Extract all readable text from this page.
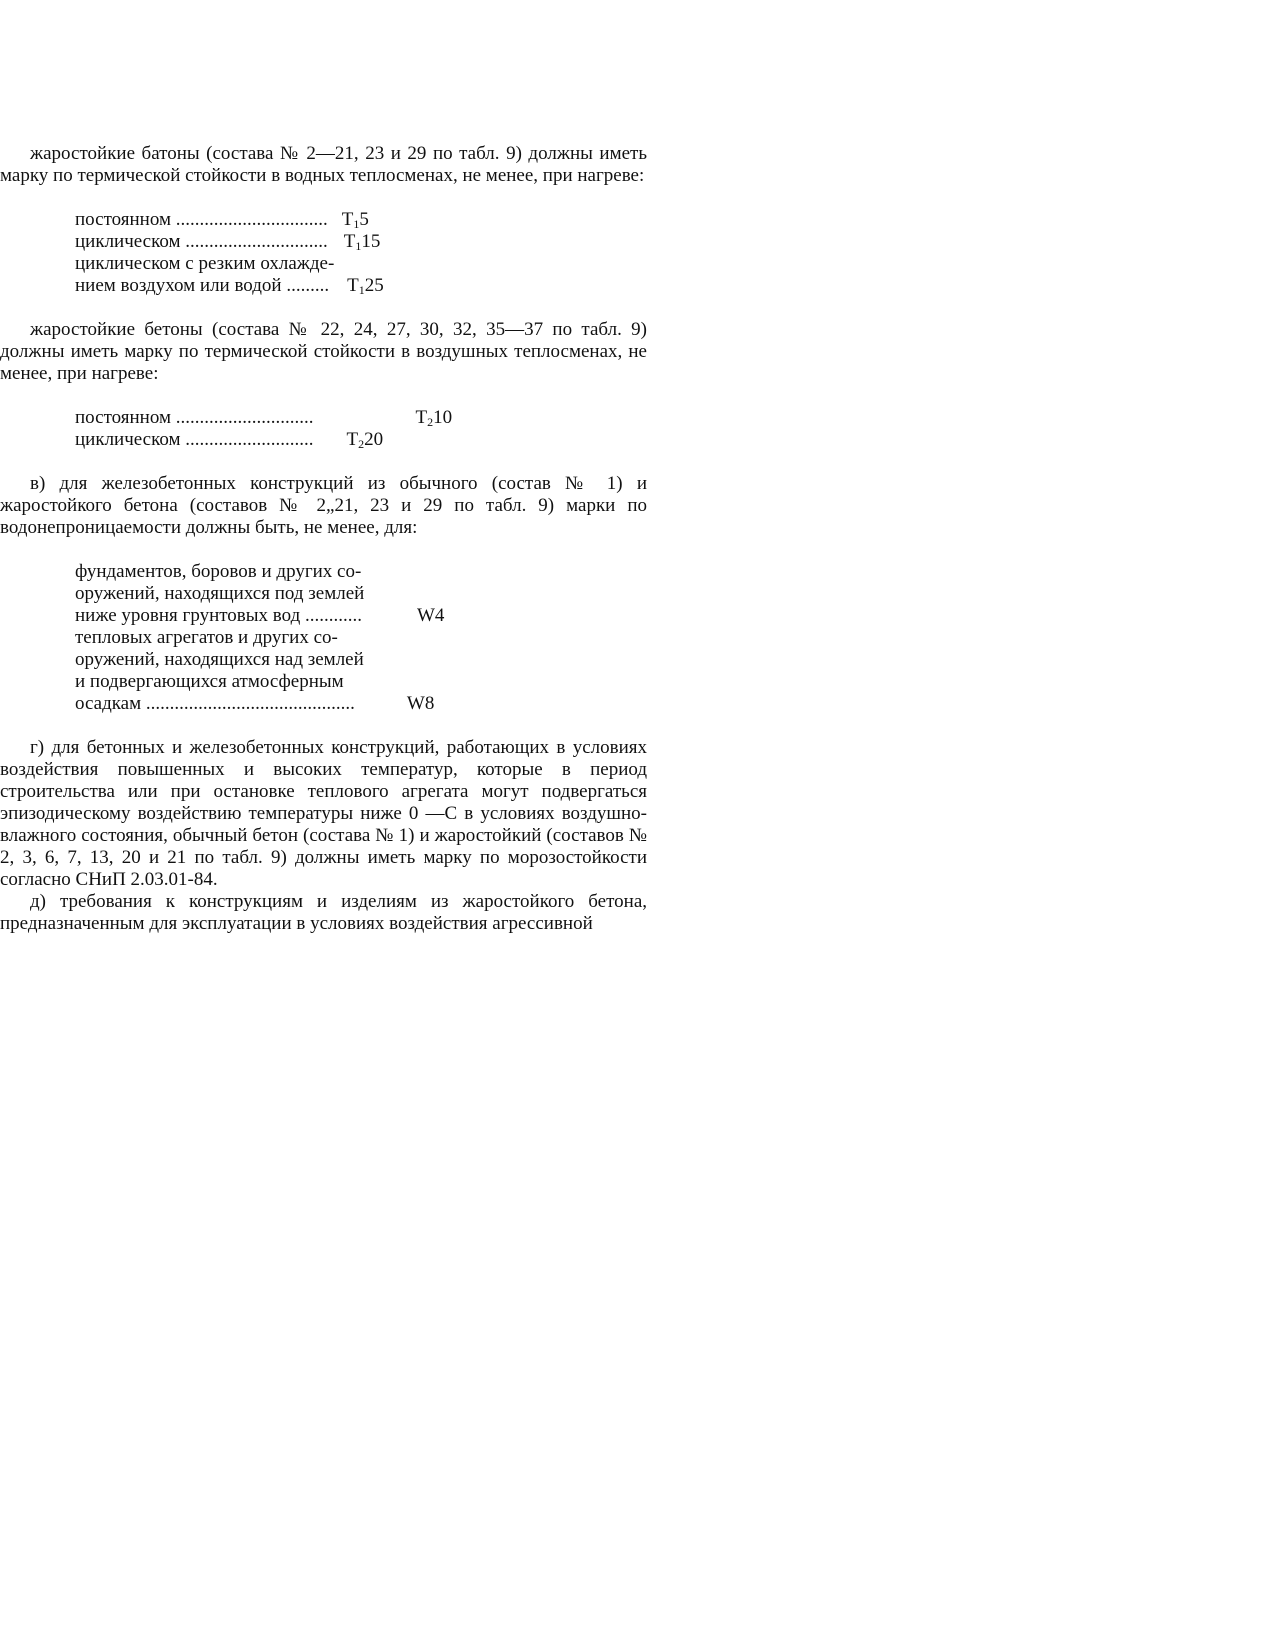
жаростойкие батоны (состава № 2—21, 23 и 29 по табл. 9) должны иметь марку по термической стойкости в водных теплосменах, не менее, при нагреве:

постоянном ................................ $T_15$
циклическом .............................. $T_115$
циклическом с резким охлажде-
нием воздухом или водой ......... $T_125$

жаростойкие бетоны (состава № 22, 24, 27, 30, 32, 35—37 по табл. 9) должны иметь марку по термической стойкости в воздушных теплосменах, не менее, при нагреве:

постоянном .............................	$T_210$
циклическом ........................... $T_220$

в) для железобетонных конструкций из обычного (состав № 1) и жаростойкого бетона (составов № 2„21, 23 и 29 по табл. 9) марки по водонепроницаемости должны быть, не менее, для:

фундаментов, боровов и других со-
оружений, находящихся под землей
ниже уровня грунтовых вод ............	W4
тепловых агрегатов и других со-
оружений, находящихся над землей
и подвергающихся атмосферным
осадкам ............................................	W8

г) для бетонных и железобетонных конструкций, работающих в условиях воздействия повышенных и высоких температур, которые в период строительства или при остановке теплового агрегата могут подвергаться эпизодическому воздействию температуры ниже 0 —С в условиях воздушно-влажного состояния, обычный бетон (состава № 1) и жаростойкий (составов № 2, 3, 6, 7, 13, 20 и 21 по табл. 9) должны иметь марку по морозостойкости согласно СНиП 2.03.01-84.

д) требования к конструкциям и изделиям из жаростойкого бетона, предназначенным для эксплуатации в условиях воздействия агрессивной
